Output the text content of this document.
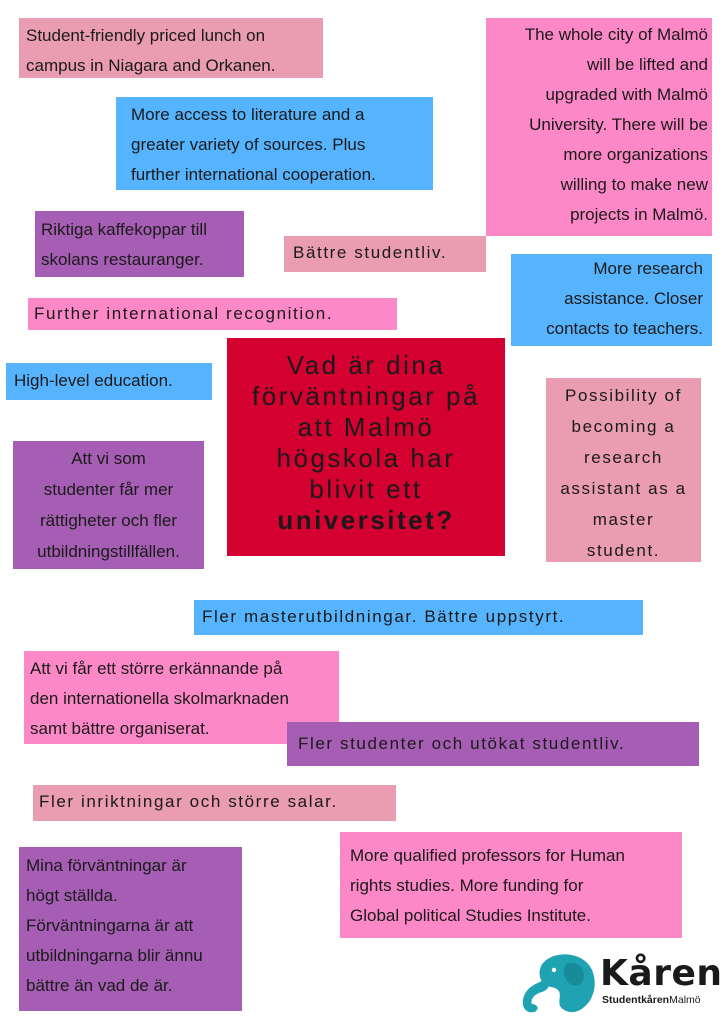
Student-friendly priced lunch on
campus in Niagara and Orkanen.
The whole city of Malmö
will be lifted and
upgraded with Malmö
University. There will be
more organizations
willing to make new
projects in Malmö.
More access to literature and a
greater variety of sources. Plus
further international cooperation.
Riktiga kaffekoppar till
skolans restauranger.	Bättre studentliv.
More research
assistance. Closer
contacts to teachers.
Further international recognition.
High-level education.
Vad är dina
förväntningar på
att Malmö
högskola har
blivit ett
universitet?
Possibility of
becoming a
research
assistant as a
master
student.
Att vi som
studenter får mer
rättigheter och fler
utbildningstillfällen.
Fler masterutbildningar. Bättre uppstyrt.
Att vi får ett större erkännande på
den internationella skolmarknaden
samt bättre organiserat.
Fler studenter och utökat studentliv.
Fler inriktningar och större salar.
More qualified professors for Human
rights studies. More funding for
Global political Studies Institute.
Mina förväntningar är
högt ställda.
Förväntningarna är att
utbildningarna blir ännu
bättre än vad de är.	Kåren
StudentkårenMalmö
